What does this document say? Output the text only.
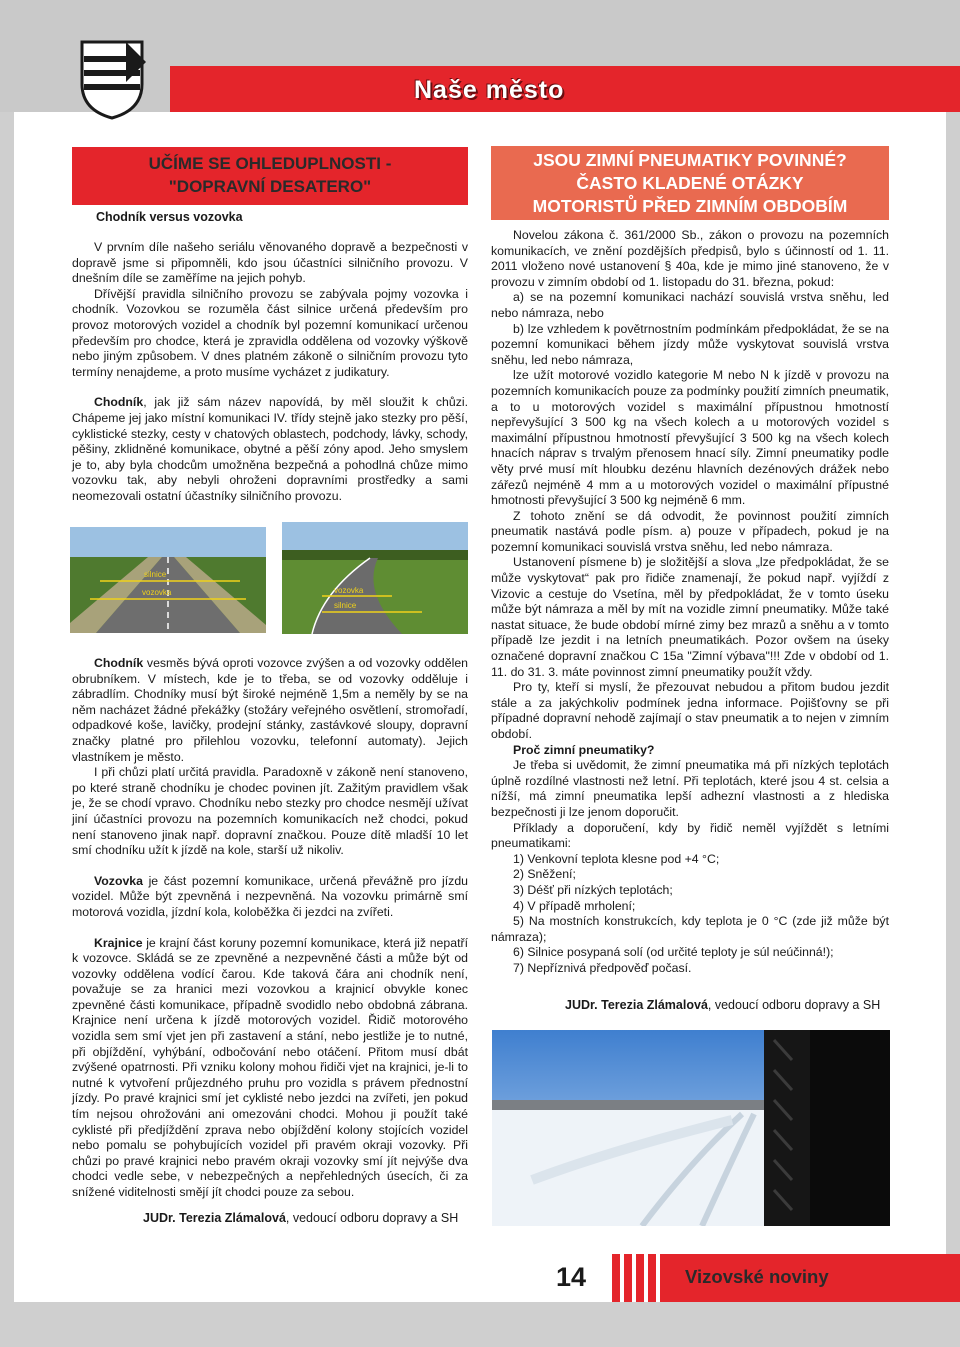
Naše město
UČÍME SE OHLEDUPLNOSTI -
"DOPRAVNÍ DESATERO"
Chodník versus vozovka

V prvním díle našeho seriálu věnovaného dopravě a bezpečnosti v dopravě jsme si připomněli, kdo jsou účastníci silničního provozu. V dnešním díle se zaměříme na jejich pohyb.

Dřívější pravidla silničního provozu se zabývala pojmy vozovka i chodník. Vozovkou se rozuměla část silnice určená především pro provoz motorových vozidel a chodník byl pozemní komunikací určenou především pro chodce, která je zpravidla oddělena od vozovky výškově nebo jiným způsobem. V dnes platném zákoně o silničním provozu tyto termíny nenajdeme, a proto musíme vycházet z judikatury.

Chodník, jak již sám název napovídá, by měl sloužit k chůzi. Chápeme jej jako místní komunikaci IV. třídy stejně jako stezky pro pěší, cyklistické stezky, cesty v chatových oblastech, podchody, lávky, schody, pěšiny, zklidněné komunikace, obytné a pěší zóny apod. Jeho smyslem je to, aby byla chodcům umožněna bezpečná a pohodlná chůze mimo vozovku tak, aby nebyli ohroženi dopravními prostředky a sami neomezovali ostatní účastníky silničního provozu.

silnice
vozovka	vozovka
silnice

Chodník vesměs bývá oproti vozovce zvýšen a od vozovky oddělen obrubníkem. V místech, kde je to třeba, se od vozovky odděluje i zábradlím. Chodníky musí být široké nejméně 1,5m a neměly by se na něm nacházet žádné překážky (stožáry veřejného osvětlení, stromořadí, odpadkové koše, lavičky, prodejní stánky, zastávkové sloupy, dopravní značky platné pro přilehlou vozovku, telefonní automaty). Jejich vlastníkem je město.

I při chůzi platí určitá pravidla. Paradoxně v zákoně není stanoveno, po které straně chodníku je chodec povinen jít. Zažitým pravidlem však je, že se chodí vpravo. Chodníku nebo stezky pro chodce nesmějí užívat jiní účastníci provozu na pozemních komunikacích než chodci, pokud není stanoveno jinak např. dopravní značkou. Pouze dítě mladší 10 let smí chodníku užít k jízdě na kole, starší už nikoliv.

Vozovka je část pozemní komunikace, určená převážně pro jízdu vozidel. Může být zpevněná i nezpevněná. Na vozovku primárně smí motorová vozidla, jízdní kola, koloběžka či jezdci na zvířeti.

Krajnice je krajní část koruny pozemní komunikace, která již nepatří k vozovce. Skládá se ze zpevněné a nezpevněné části a může být od vozovky oddělena vodící čarou. Kde taková čára ani chodník není, považuje se za hranici mezi vozovkou a krajnicí obvykle konec zpevněné části komunikace, případně svodidlo nebo obdobná zábrana. Krajnice není určena k jízdě motorových vozidel. Řidič motorového vozidla sem smí vjet jen při zastavení a stání, nebo jestliže je to nutné, při objíždění, vyhýbání, odbočování nebo otáčení. Přitom musí dbát zvýšené opatrnosti. Při vzniku kolony mohou řidiči vjet na krajnici, je-li to nutné k vytvoření průjezdného pruhu pro vozidla s právem přednostní jízdy. Po pravé krajnici smí jet cyklisté nebo jezdci na zvířeti, jen pokud tím nejsou ohrožováni ani omezováni chodci. Mohou ji použít také cyklisté při předjíždění zprava nebo objíždění kolony stojících vozidel nebo pomalu se pohybujících vozidel při pravém okraji vozovky. Při chůzi po pravé krajnici nebo pravém okraji vozovky smí jít nejvýše dva chodci vedle sebe, v nebezpečných a nepřehledných úsecích, či za snížené viditelnosti smějí jít chodci pouze za sebou.

JUDr. Terezia Zlámalová, vedoucí odboru dopravy a SH
JSOU ZIMNÍ PNEUMATIKY POVINNÉ?
ČASTO KLADENÉ OTÁZKY
MOTORISTŮ PŘED ZIMNÍM OBDOBÍM

Novelou zákona č. 361/2000 Sb., zákon o provozu na pozemních komunikacích, ve znění pozdějších předpisů, bylo s účinností od 1. 11. 2011 vloženo nové ustanovení § 40a, kde je mimo jiné stanoveno, že v provozu v zimním období od 1. listopadu do 31. března, pokud:

a) se na pozemní komunikaci nachází souvislá vrstva sněhu, led nebo námraza, nebo

b) lze vzhledem k povětrnostním podmínkám předpokládat, že se na pozemní komunikaci během jízdy může vyskytovat souvislá vrstva sněhu, led nebo námraza,

lze užít motorové vozidlo kategorie M nebo N k jízdě v provozu na pozemních komunikacích pouze za podmínky použití zimních pneumatik, a to u motorových vozidel s maximální přípustnou hmotností nepřevyšující 3 500 kg na všech kolech a u motorových vozidel s maximální přípustnou hmotností převyšující 3 500 kg na všech kolech hnacích náprav s trvalým přenosem hnací síly. Zimní pneumatiky podle věty prvé musí mít hloubku dezénu hlavních dezénových drážek nebo zářezů nejméně 4 mm a u motorových vozidel o maximální přípustné hmotnosti převyšující 3 500 kg nejméně 6 mm.

Z tohoto znění se dá odvodit, že povinnost použití zimních pneumatik nastává podle písm. a) pouze v případech, pokud je na pozemní komunikaci souvislá vrstva sněhu, led nebo námraza.

Ustanovení písmene b) je složitější a slova „lze předpokládat, že se může vyskytovat“ pak pro řidiče znamenají, že pokud např. vyjíždí z Vizovic a cestuje do Vsetína, měl by předpokládat, že v tomto úseku může být námraza a měl by mít na vozidle zimní pneumatiky. Může také nastat situace, že bude období mírné zimy bez mrazů a sněhu a v tomto případě lze jezdit i na letních pneumatikách. Pozor ovšem na úseky označené dopravní značkou C 15a "Zimní výbava"!!! Zde v období od 1. 11. do 31. 3. máte povinnost zimní pneumatiky použít vždy.

Pro ty, kteří si myslí, že přezouvat nebudou a přitom budou jezdit stále a za jakýchkoliv podmínek jedna informace. Pojišťovny se při případné dopravní nehodě zajímají o stav pneumatik a to nejen v zimním období.

Proč zimní pneumatiky?

Je třeba si uvědomit, že zimní pneumatika má při nízkých teplotách úplně rozdílné vlastnosti než letní. Při teplotách, které jsou 4 st. celsia a nížší, má zimní pneumatika lepší adhezní vlastnosti a z hlediska bezpečnosti ji lze jenom doporučit.

Příklady a doporučení, kdy by řidič neměl vyjíždět s letními pneumatikami:

1) Venkovní teplota klesne pod +4 °C;

2) Sněžení;

3) Déšť při nízkých teplotách;

4) V případě mrholení;

5) Na mostních konstrukcích, kdy teplota je 0 °C (zde již může být námraza);

6) Silnice posypaná solí (od určité teploty je súl neúčinná!);

7) Nepříznivá předpověď počasí.

JUDr. Terezia Zlámalová, vedoucí odboru dopravy a SH
14	Vizovské noviny
